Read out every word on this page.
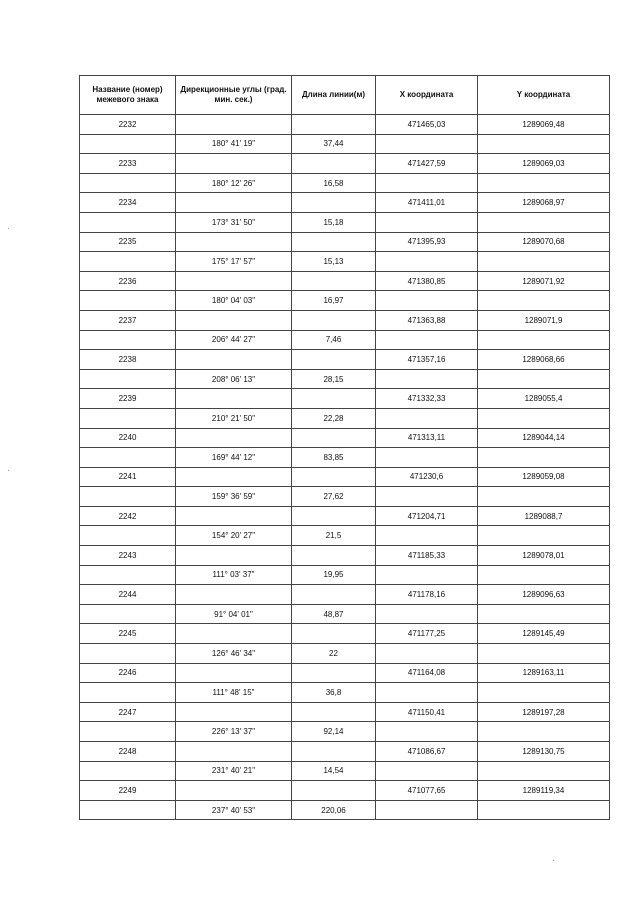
Название (номер) межевого знака	Дирекционные углы (град. мин. сек.)	Длина линии(м)	X координата	Y координата
2232			471465,03	1289069,48
	180° 41' 19"	37,44		
2233			471427,59	1289069,03
	180° 12' 26"	16,58		
2234			471411,01	1289068,97
	173° 31' 50"	15,18		
2235			471395,93	1289070,68
	175° 17' 57"	15,13		
2236			471380,85	1289071,92
	180° 04' 03"	16,97		
2237			471363,88	1289071,9
	206° 44' 27"	7,46		
2238			471357,16	1289068,66
	208° 06' 13"	28,15		
2239			471332,33	1289055,4
	210° 21' 50"	22,28		
2240			471313,11	1289044,14
	169° 44' 12"	83,85		
2241			471230,6	1289059,08
	159° 36' 59"	27,62		
2242			471204,71	1289088,7
	154° 20' 27"	21,5		
2243			471185,33	1289078,01
	111° 03' 37"	19,95		
2244			471178,16	1289096,63
	91° 04' 01"	48,87		
2245			471177,25	1289145,49
	126° 46' 34"	22		
2246			471164,08	1289163,11
	111° 48' 15"	36,8		
2247			471150,41	1289197,28
	226° 13' 37"	92,14		
2248			471086,67	1289130,75
	231° 40' 21"	14,54		
2249			471077,65	1289119,34
	237° 40' 53"	220,06		
